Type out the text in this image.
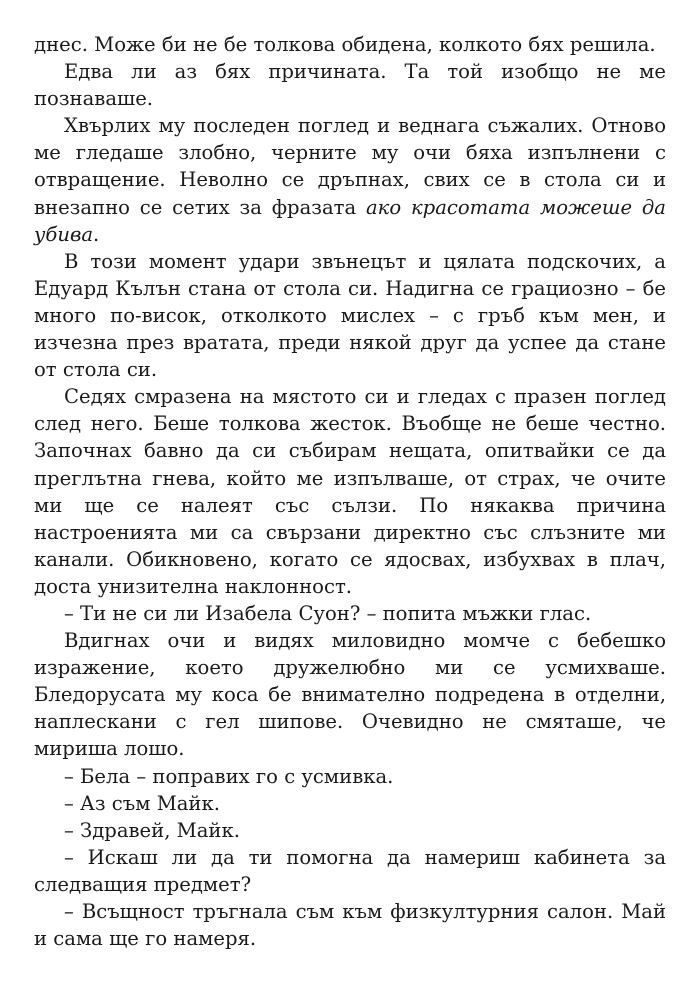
днес. Може би не бе толкова обидена, колкото бях решила.

Едва ли аз бях причината. Та той изобщо не ме познаваше.

Хвърлих му последен поглед и веднага съжалих. Отново ме гледаше злобно, черните му очи бяха изпълнени с отвращение. Неволно се дръпнах, свих се в стола си и внезапно се сетих за фразата ако красотата можеше да убива.

В този момент удари звънецът и цялата подскочих, а Едуард Кълън стана от стола си. Надигна се грациозно – бе много по-висок, отколкото мислех – с гръб към мен, и изчезна през вратата, преди някой друг да успее да стане от стола си.

Седях смразена на мястото си и гледах с празен поглед след него. Беше толкова жесток. Въобще не беше честно. Започнах бавно да си събирам нещата, опитвайки се да преглътна гнева, който ме изпълваше, от страх, че очите ми ще се налеят със сълзи. По някаква причина настроенията ми са свързани директно със слъзните ми канали. Обикновено, когато се ядосвах, избухвах в плач, доста унизителна наклонност.

– Ти не си ли Изабела Суон? – попита мъжки глас.

Вдигнах очи и видях миловидно момче с бебешко изражение, което дружелюбно ми се усмихваше. Бледорусата му коса бе внимателно подредена в отделни, наплескани с гел шипове. Очевидно не смяташе, че мириша лошо.

– Бела – поправих го с усмивка.

– Аз съм Майк.

– Здравей, Майк.

– Искаш ли да ти помогна да намериш кабинета за следващия предмет?

– Всъщност тръгнала съм към физкултурния салон. Май и сама ще го намеря.
